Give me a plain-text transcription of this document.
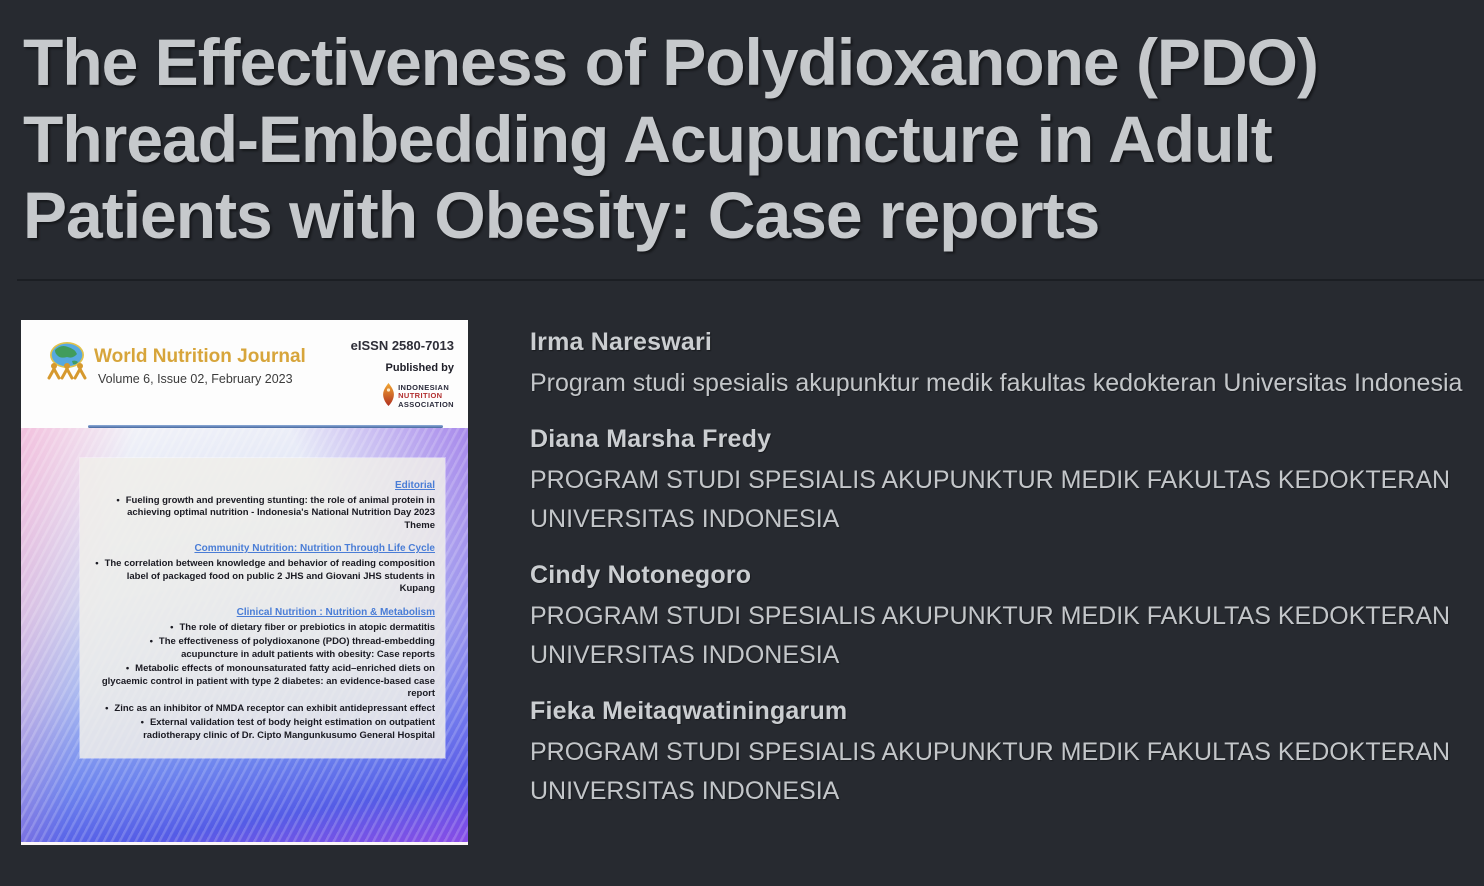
The Effectiveness of Polydioxanone (PDO) Thread-Embedding Acupuncture in Adult Patients with Obesity: Case reports
World Nutrition Journal
Volume 6, Issue 02, February 2023
eISSN 2580-7013
Published by
INDONESIAN
NUTRITION
ASSOCIATION
Editorial
• Fueling growth and preventing stunting: the role of animal protein in achieving optimal nutrition - Indonesia's National Nutrition Day 2023 Theme
Community Nutrition: Nutrition Through Life Cycle
• The correlation between knowledge and behavior of reading composition label of packaged food on public 2 JHS and Giovani JHS students in Kupang
Clinical Nutrition : Nutrition & Metabolism
• The role of dietary fiber or prebiotics in atopic dermatitis
• The effectiveness of polydioxanone (PDO) thread-embedding acupuncture in adult patients with obesity: Case reports
• Metabolic effects of monounsaturated fatty acid–enriched diets on glycaemic control in patient with type 2 diabetes: an evidence-based case report
• Zinc as an inhibitor of NMDA receptor can exhibit antidepressant effect
• External validation test of body height estimation on outpatient radiotherapy clinic of Dr. Cipto Mangunkusumo General Hospital
Irma Nareswari
Program studi spesialis akupunktur medik fakultas kedokteran Universitas Indonesia
Diana Marsha Fredy
PROGRAM STUDI SPESIALIS AKUPUNKTUR MEDIK FAKULTAS KEDOKTERAN UNIVERSITAS INDONESIA
Cindy Notonegoro
PROGRAM STUDI SPESIALIS AKUPUNKTUR MEDIK FAKULTAS KEDOKTERAN UNIVERSITAS INDONESIA
Fieka Meitaqwatiningarum
PROGRAM STUDI SPESIALIS AKUPUNKTUR MEDIK FAKULTAS KEDOKTERAN UNIVERSITAS INDONESIA
